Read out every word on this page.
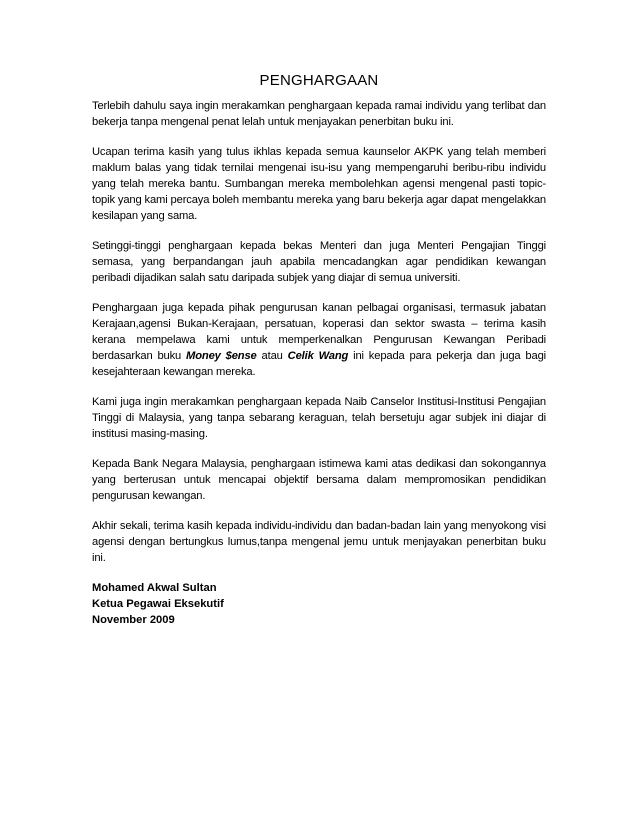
PENGHARGAAN

Terlebih dahulu saya ingin merakamkan penghargaan kepada ramai individu yang terlibat dan bekerja tanpa mengenal penat lelah untuk menjayakan penerbitan buku ini.

Ucapan terima kasih yang tulus ikhlas kepada semua kaunselor AKPK yang telah memberi maklum balas yang tidak ternilai mengenai isu-isu yang mempengaruhi beribu-ribu individu yang telah mereka bantu. Sumbangan mereka membolehkan agensi mengenal pasti topic-topik yang kami percaya boleh membantu mereka yang baru bekerja agar dapat mengelakkan kesilapan yang sama.

Setinggi-tinggi penghargaan kepada bekas Menteri dan juga Menteri Pengajian Tinggi semasa, yang berpandangan jauh apabila mencadangkan agar pendidikan kewangan peribadi dijadikan salah satu daripada subjek yang diajar di semua universiti.

Penghargaan juga kepada pihak pengurusan kanan pelbagai organisasi, termasuk jabatan Kerajaan,agensi Bukan-Kerajaan, persatuan, koperasi dan sektor swasta – terima kasih kerana mempelawa kami untuk memperkenalkan Pengurusan Kewangan Peribadi berdasarkan buku Money $ense atau Celik Wang ini kepada para pekerja dan juga bagi kesejahteraan kewangan mereka.

Kami juga ingin merakamkan penghargaan kepada Naib Canselor Institusi-Institusi Pengajian Tinggi di Malaysia, yang tanpa sebarang keraguan, telah bersetuju agar subjek ini diajar di institusi masing-masing.

Kepada Bank Negara Malaysia, penghargaan istimewa kami atas dedikasi dan sokongannya yang berterusan untuk mencapai objektif bersama dalam mempromosikan pendidikan pengurusan kewangan.

Akhir sekali, terima kasih kepada individu-individu dan badan-badan lain yang menyokong visi agensi dengan bertungkus lumus,tanpa mengenal jemu untuk menjayakan penerbitan buku ini.

Mohamed Akwal Sultan

Ketua Pegawai Eksekutif

November 2009
